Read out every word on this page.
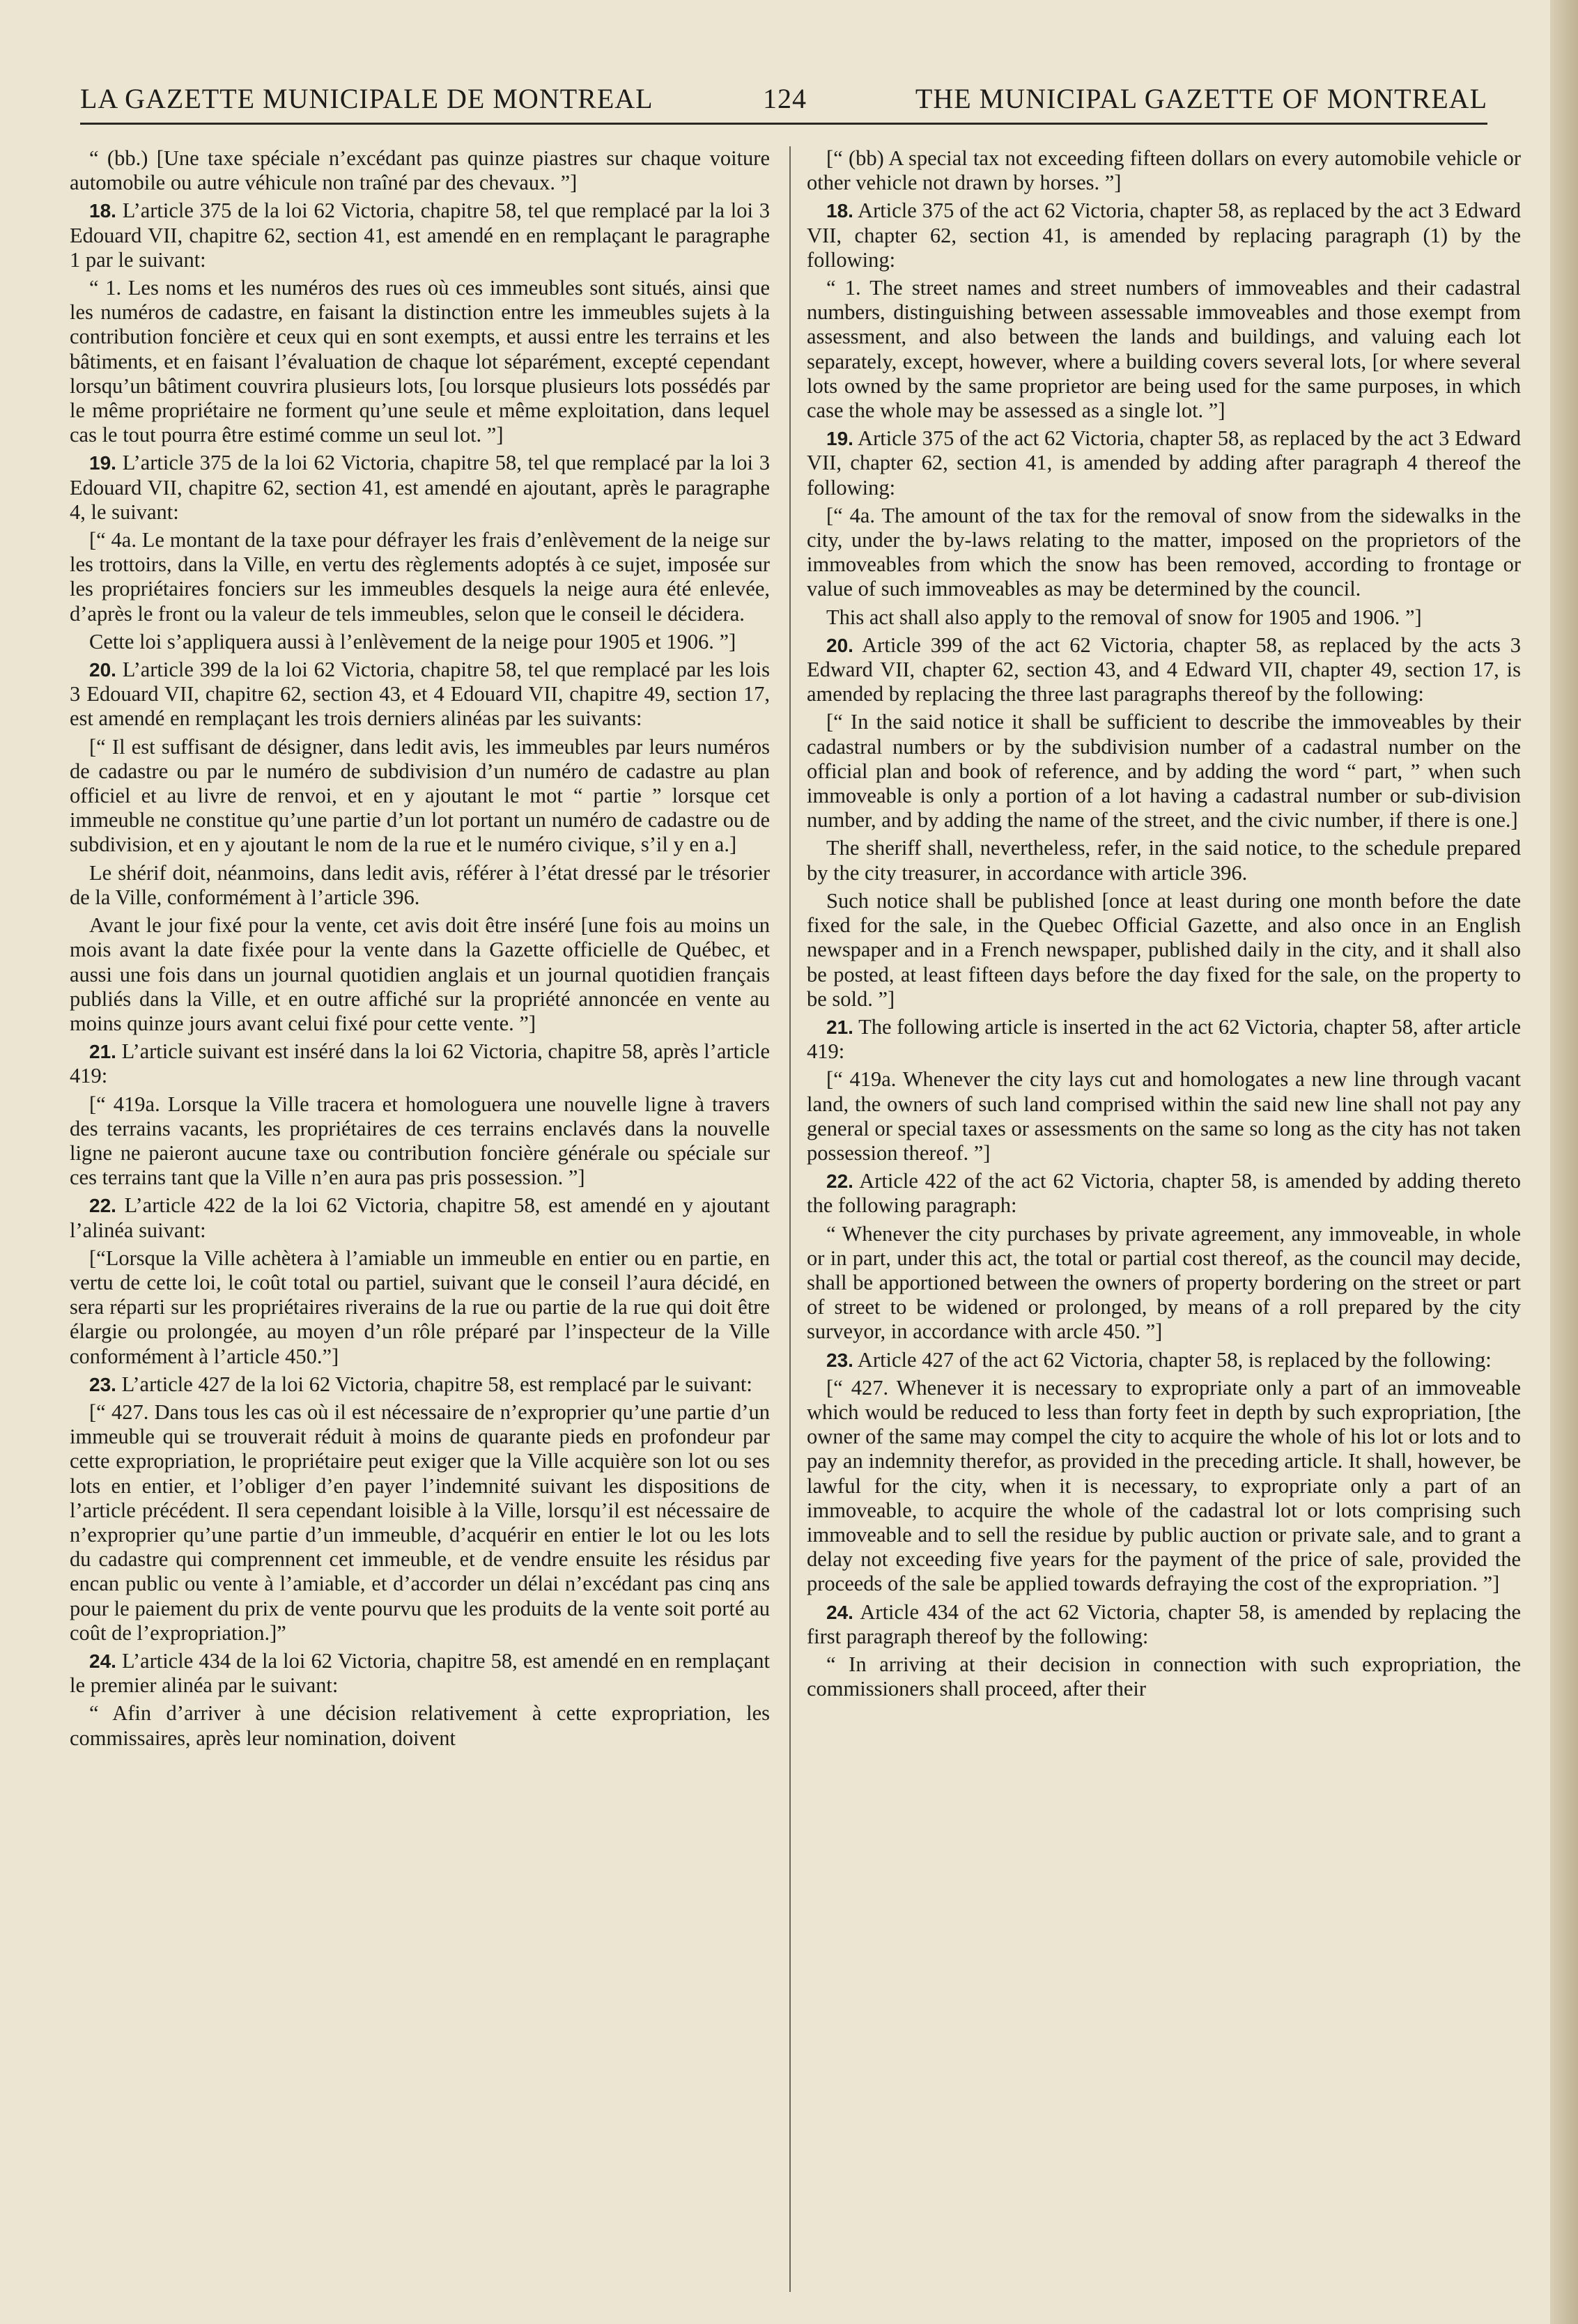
LA GAZETTE MUNICIPALE DE MONTREAL	124	THE MUNICIPAL GAZETTE OF MONTREAL

“ (bb.) [Une taxe spéciale n’excédant pas quinze piastres sur chaque voiture automobile ou autre véhicule non traîné par des chevaux. ”]

18. L’article 375 de la loi 62 Victoria, chapitre 58, tel que remplacé par la loi 3 Edouard VII, chapitre 62, section 41, est amendé en en remplaçant le paragraphe 1 par le suivant:

“ 1. Les noms et les numéros des rues où ces immeubles sont situés, ainsi que les numéros de cadastre, en faisant la distinction entre les immeubles sujets à la contribution foncière et ceux qui en sont exempts, et aussi entre les terrains et les bâtiments, et en faisant l’évaluation de chaque lot séparément, excepté cependant lorsqu’un bâtiment couvrira plusieurs lots, [ou lorsque plusieurs lots possédés par le même propriétaire ne forment qu’une seule et même exploitation, dans lequel cas le tout pourra être estimé comme un seul lot. ”]

19. L’article 375 de la loi 62 Victoria, chapitre 58, tel que remplacé par la loi 3 Edouard VII, chapitre 62, section 41, est amendé en ajoutant, après le paragraphe 4, le suivant:

[“ 4a. Le montant de la taxe pour défrayer les frais d’enlèvement de la neige sur les trottoirs, dans la Ville, en vertu des règlements adoptés à ce sujet, imposée sur les propriétaires fonciers sur les immeubles desquels la neige aura été enlevée, d’après le front ou la valeur de tels immeubles, selon que le conseil le décidera.

Cette loi s’appliquera aussi à l’enlèvement de la neige pour 1905 et 1906. ”]

20. L’article 399 de la loi 62 Victoria, chapitre 58, tel que remplacé par les lois 3 Edouard VII, chapitre 62, section 43, et 4 Edouard VII, chapitre 49, section 17, est amendé en remplaçant les trois derniers alinéas par les suivants:

[“ Il est suffisant de désigner, dans ledit avis, les immeubles par leurs numéros de cadastre ou par le numéro de subdivision d’un numéro de cadastre au plan officiel et au livre de renvoi, et en y ajoutant le mot “ partie ” lorsque cet immeuble ne constitue qu’une partie d’un lot portant un numéro de cadastre ou de subdivision, et en y ajoutant le nom de la rue et le numéro civique, s’il y en a.]

Le shérif doit, néanmoins, dans ledit avis, référer à l’état dressé par le trésorier de la Ville, conformément à l’article 396.

Avant le jour fixé pour la vente, cet avis doit être inséré [une fois au moins un mois avant la date fixée pour la vente dans la Gazette officielle de Québec, et aussi une fois dans un journal quotidien anglais et un journal quotidien français publiés dans la Ville, et en outre affiché sur la propriété annoncée en vente au moins quinze jours avant celui fixé pour cette vente. ”]

21. L’article suivant est inséré dans la loi 62 Victoria, chapitre 58, après l’article 419:

[“ 419a. Lorsque la Ville tracera et homologuera une nouvelle ligne à travers des terrains vacants, les propriétaires de ces terrains enclavés dans la nouvelle ligne ne paieront aucune taxe ou contribution foncière générale ou spéciale sur ces terrains tant que la Ville n’en aura pas pris possession. ”]

22. L’article 422 de la loi 62 Victoria, chapitre 58, est amendé en y ajoutant l’alinéa suivant:

[“Lorsque la Ville achètera à l’amiable un immeuble en entier ou en partie, en vertu de cette loi, le coût total ou partiel, suivant que le conseil l’aura décidé, en sera réparti sur les propriétaires riverains de la rue ou partie de la rue qui doit être élargie ou prolongée, au moyen d’un rôle préparé par l’inspecteur de la Ville conformément à l’article 450.”]

23. L’article 427 de la loi 62 Victoria, chapitre 58, est remplacé par le suivant:

[“ 427. Dans tous les cas où il est nécessaire de n’exproprier qu’une partie d’un immeuble qui se trouverait réduit à moins de quarante pieds en profondeur par cette expropriation, le propriétaire peut exiger que la Ville acquière son lot ou ses lots en entier, et l’obliger d’en payer l’indemnité suivant les dispositions de l’article précédent. Il sera cependant loisible à la Ville, lorsqu’il est nécessaire de n’exproprier qu’une partie d’un immeuble, d’acquérir en entier le lot ou les lots du cadastre qui comprennent cet immeuble, et de vendre ensuite les résidus par encan public ou vente à l’amiable, et d’accorder un délai n’excédant pas cinq ans pour le paiement du prix de vente pourvu que les produits de la vente soit porté au coût de l’expropriation.]”

24. L’article 434 de la loi 62 Victoria, chapitre 58, est amendé en en remplaçant le premier alinéa par le suivant:

“ Afin d’arriver à une décision relativement à cette expropriation, les commissaires, après leur nomination, doivent

[“ (bb) A special tax not exceeding fifteen dollars on every automobile vehicle or other vehicle not drawn by horses. ”]

18. Article 375 of the act 62 Victoria, chapter 58, as replaced by the act 3 Edward VII, chapter 62, section 41, is amended by replacing paragraph (1) by the following:

“ 1. The street names and street numbers of immoveables and their cadastral numbers, distinguishing between assessable immoveables and those exempt from assessment, and also between the lands and buildings, and valuing each lot separately, except, however, where a building covers several lots, [or where several lots owned by the same proprietor are being used for the same purposes, in which case the whole may be assessed as a single lot. ”]

19. Article 375 of the act 62 Victoria, chapter 58, as replaced by the act 3 Edward VII, chapter 62, section 41, is amended by adding after paragraph 4 thereof the following:

[“ 4a. The amount of the tax for the removal of snow from the sidewalks in the city, under the by-laws relating to the matter, imposed on the proprietors of the immoveables from which the snow has been removed, according to frontage or value of such immoveables as may be determined by the council.

This act shall also apply to the removal of snow for 1905 and 1906. ”]

20. Article 399 of the act 62 Victoria, chapter 58, as replaced by the acts 3 Edward VII, chapter 62, section 43, and 4 Edward VII, chapter 49, section 17, is amended by replacing the three last paragraphs thereof by the following:

[“ In the said notice it shall be sufficient to describe the immoveables by their cadastral numbers or by the subdivision number of a cadastral number on the official plan and book of reference, and by adding the word “ part, ” when such immoveable is only a portion of a lot having a cadastral number or sub-division number, and by adding the name of the street, and the civic number, if there is one.]

The sheriff shall, nevertheless, refer, in the said notice, to the schedule prepared by the city treasurer, in accordance with article 396.

Such notice shall be published [once at least during one month before the date fixed for the sale, in the Quebec Official Gazette, and also once in an English newspaper and in a French newspaper, published daily in the city, and it shall also be posted, at least fifteen days before the day fixed for the sale, on the property to be sold. ”]

21. The following article is inserted in the act 62 Victoria, chapter 58, after article 419:

[“ 419a. Whenever the city lays cut and homologates a new line through vacant land, the owners of such land comprised within the said new line shall not pay any general or special taxes or assessments on the same so long as the city has not taken possession thereof. ”]

22. Article 422 of the act 62 Victoria, chapter 58, is amended by adding thereto the following paragraph:

“ Whenever the city purchases by private agreement, any immoveable, in whole or in part, under this act, the total or partial cost thereof, as the council may decide, shall be apportioned between the owners of property bordering on the street or part of street to be widened or prolonged, by means of a roll prepared by the city surveyor, in accordance with arcle 450. ”]

23. Article 427 of the act 62 Victoria, chapter 58, is replaced by the following:

[“ 427. Whenever it is necessary to expropriate only a part of an immoveable which would be reduced to less than forty feet in depth by such expropriation, [the owner of the same may compel the city to acquire the whole of his lot or lots and to pay an indemnity therefor, as provided in the preceding article. It shall, however, be lawful for the city, when it is necessary, to expropriate only a part of an immoveable, to acquire the whole of the cadastral lot or lots comprising such immoveable and to sell the residue by public auction or private sale, and to grant a delay not exceeding five years for the payment of the price of sale, provided the proceeds of the sale be applied towards defraying the cost of the expropriation. ”]

24. Article 434 of the act 62 Victoria, chapter 58, is amended by replacing the first paragraph thereof by the following:

“ In arriving at their decision in connection with such expropriation, the commissioners shall proceed, after their
